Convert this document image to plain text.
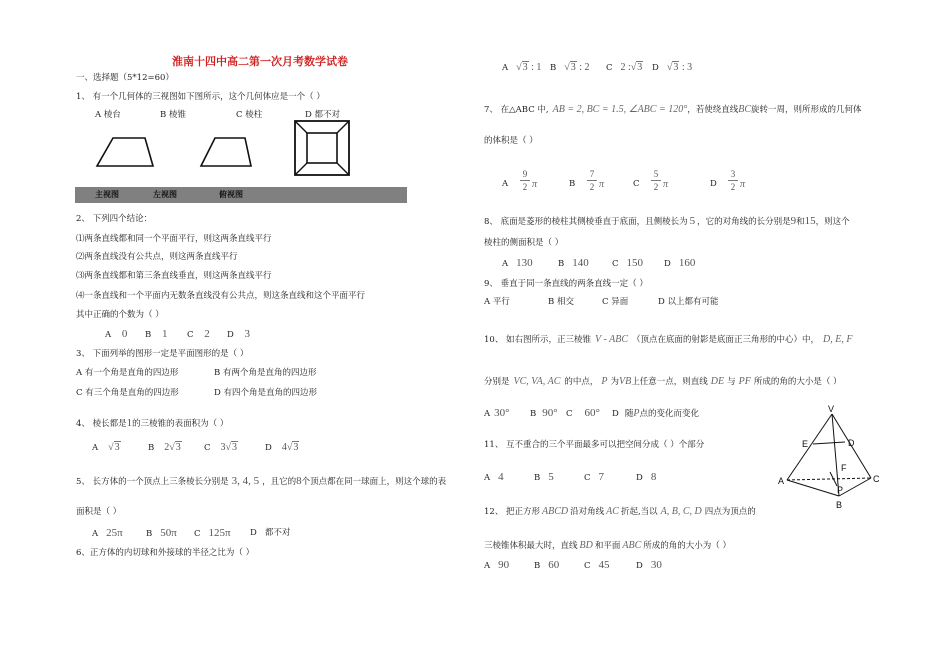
淮南十四中高二第一次月考数学试卷
一、选择题（5*12=60）
1、 有一个几何体的三视图如下图所示，这个几何体应是一个（ ）
A 棱台	B 棱锥	C 棱柱	D 都不对
主视图	左视图	俯视图
2、 下列四个结论：
⑴两条直线都和同一个平面平行，则这两条直线平行
⑵两条直线没有公共点，则这两条直线平行
⑶两条直线都和第三条直线垂直，则这两条直线平行
⑷一条直线和一个平面内无数条直线没有公共点，则这条直线和这个平面平行
其中正确的个数为（ ）
A 0 B 1 C 2 D 3
3、 下面列举的图形一定是平面图形的是（ ）
A 有一个角是直角的四边形	B 有两个角是直角的四边形
C 有三个角是直角的四边形	D 有四个角是直角的四边形
4、 棱长都是1的三棱锥的表面积为（ ）
A √3	B 2√3	C 3√3	D 4√3
5、 长方体的一个顶点上三条棱长分别是 3, 4, 5 ，且它的8个顶点都在同一球面上，则这个球的表
面积是（ ）
A 25π	B 50π C 125π D 都不对
6、正方体的内切球和外接球的半径之比为（ ）
A √3 : 1 B √3 : 2 C 2 :√3 D √3 : 3
7、 在△ABC 中, AB = 2, BC = 1.5, ∠ABC = 120°，若使绕直线BC旋转一周，则所形成的几何体
的体积是（ ）
A
9
2 π	B
7
2 π	C
5
2 π	D
3
2 π
8、 底面是菱形的棱柱其侧棱垂直于底面，且侧棱长为 5 ，它的对角线的长分别是9和15，则这个
棱柱的侧面积是（ ）
A 130	B 140	C 150 D 160
9、 垂直于同一条直线的两条直线一定（ ）
A 平行	B 相交	C 异面	D 以上都有可能
10、 如右图所示，正三棱锥 V - ABC （顶点在底面的射影是底面正三角形的中心）中， D, E, F
分别是 VC, VA, AC 的中点， P 为VB上任意一点，则直线 DE 与 PF 所成的角的大小是（ ）
A 30° B 90° C 60° D 随P点的变化而变化
11、 互不重合的三个平面最多可以把空间分成（ ）个部分
A 4	B 5	C 7	D 8
12、 把正方形 ABCD 沿对角线 AC 折起,当以 A, B, C, D 四点为顶点的
三棱锥体积最大时，直线 BD 和平面 ABC 所成的角的大小为（ ）
A 90	B 60	C 45	D 30
V
E	D
F
A	C
P
B
